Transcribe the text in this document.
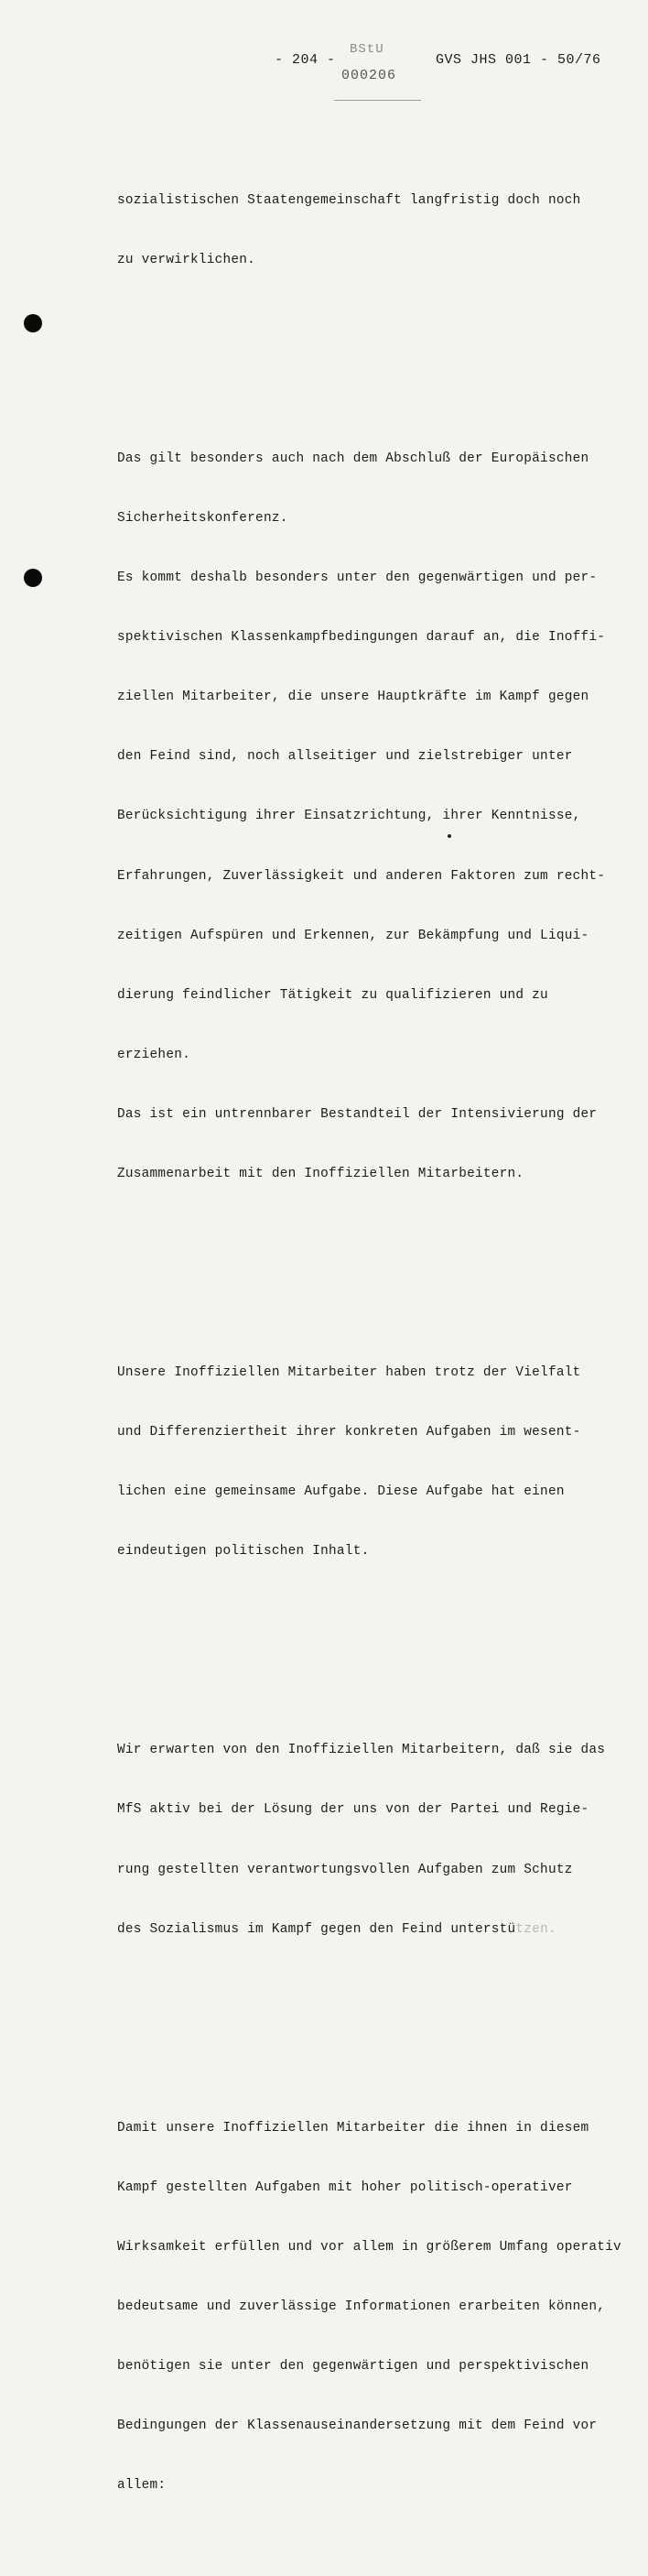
- 204 -
BStU
000206
GVS JHS 001 - 50/76

sozialistischen Staatengemeinschaft langfristig doch noch

zu verwirklichen.

Das gilt besonders auch nach dem Abschluß der Europäischen

Sicherheitskonferenz.

Es kommt deshalb besonders unter den gegenwärtigen und per-

spektivischen Klassenkampfbedingungen darauf an, die Inoffi-

ziellen Mitarbeiter, die unsere Hauptkräfte im Kampf gegen

den Feind sind, noch allseitiger und zielstrebiger unter

Berücksichtigung ihrer Einsatzrichtung, ihrer Kenntnisse,

Erfahrungen, Zuverlässigkeit und anderen Faktoren zum recht-

zeitigen Aufspüren und Erkennen, zur Bekämpfung und Liqui-

dierung feindlicher Tätigkeit zu qualifizieren und zu

erziehen.

Das ist ein untrennbarer Bestandteil der Intensivierung der

Zusammenarbeit mit den Inoffiziellen Mitarbeitern.

Unsere Inoffiziellen Mitarbeiter haben trotz der Vielfalt

und Differenziertheit ihrer konkreten Aufgaben im wesent-

lichen eine gemeinsame Aufgabe. Diese Aufgabe hat einen

eindeutigen politischen Inhalt.

Wir erwarten von den Inoffiziellen Mitarbeitern, daß sie das

MfS aktiv bei der Lösung der uns von der Partei und Regie-

rung gestellten verantwortungsvollen Aufgaben zum Schutz

des Sozialismus im Kampf gegen den Feind unterstützen.

Damit unsere Inoffiziellen Mitarbeiter die ihnen in diesem

Kampf gestellten Aufgaben mit hoher politisch-operativer

Wirksamkeit erfüllen und vor allem in größerem Umfang operativ

bedeutsame und zuverlässige Informationen erarbeiten können,

benötigen sie unter den gegenwärtigen und perspektivischen

Bedingungen der Klassenauseinandersetzung mit dem Feind vor

allem:
